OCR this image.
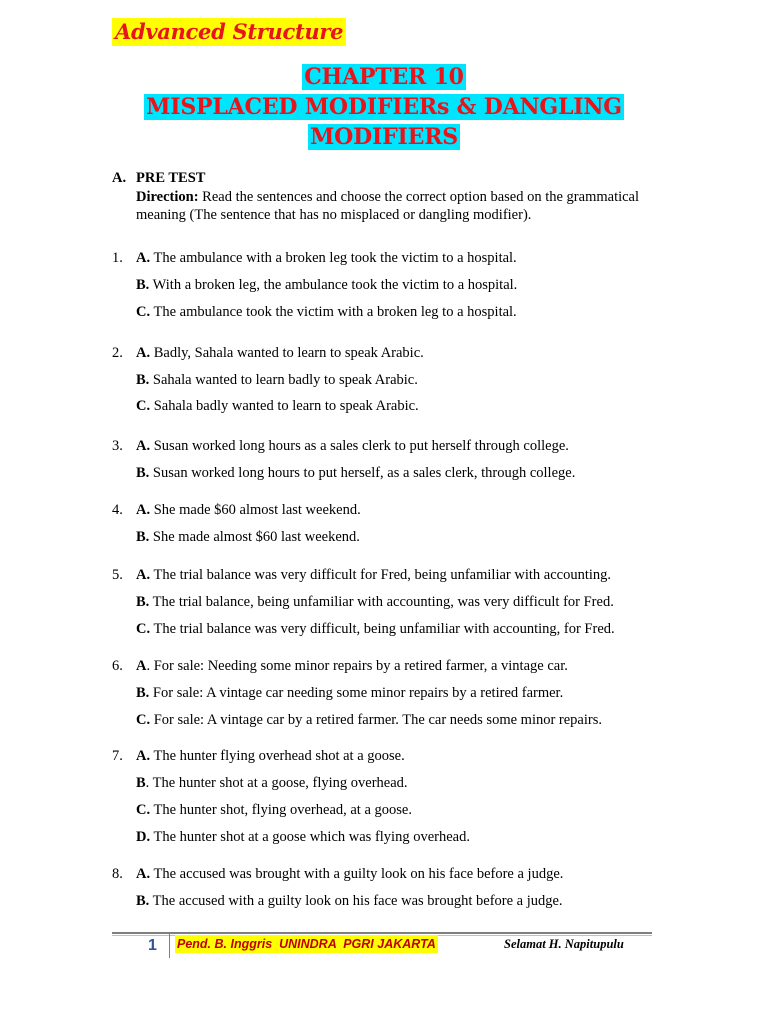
Advanced Structure
CHAPTER 10
MISPLACED MODIFIERs & DANGLING
MODIFIERS
A. PRE TEST
Direction: Read the sentences and choose the correct option based on the grammatical meaning (The sentence that has no misplaced or dangling modifier).
1. A. The ambulance with a broken leg took the victim to a hospital.
B. With a broken leg, the ambulance took the victim to a hospital.
C. The ambulance took the victim with a broken leg to a hospital.
2. A. Badly, Sahala wanted to learn to speak Arabic.
B. Sahala wanted to learn badly to speak Arabic.
C. Sahala badly wanted to learn to speak Arabic.
3. A. Susan worked long hours as a sales clerk to put herself through college.
B. Susan worked long hours to put herself, as a sales clerk, through college.
4. A. She made $60 almost last weekend.
B. She made almost $60 last weekend.
5. A. The trial balance was very difficult for Fred, being unfamiliar with accounting.
B. The trial balance, being unfamiliar with accounting, was very difficult for Fred.
C. The trial balance was very difficult, being unfamiliar with accounting, for Fred.
6. A. For sale: Needing some minor repairs by a retired farmer, a vintage car.
B. For sale: A vintage car needing some minor repairs by a retired farmer.
C. For sale: A vintage car by a retired farmer. The car needs some minor repairs.
7. A. The hunter flying overhead shot at a goose.
B. The hunter shot at a goose, flying overhead.
C. The hunter shot, flying overhead, at a goose.
D. The hunter shot at a goose which was flying overhead.
8. A. The accused was brought with a guilty look on his face before a judge.
B. The accused with a guilty look on his face was brought before a judge.
1 Pend. B. Inggris  UNINDRA  PGRI JAKARTA	Selamat H. Napitupulu
